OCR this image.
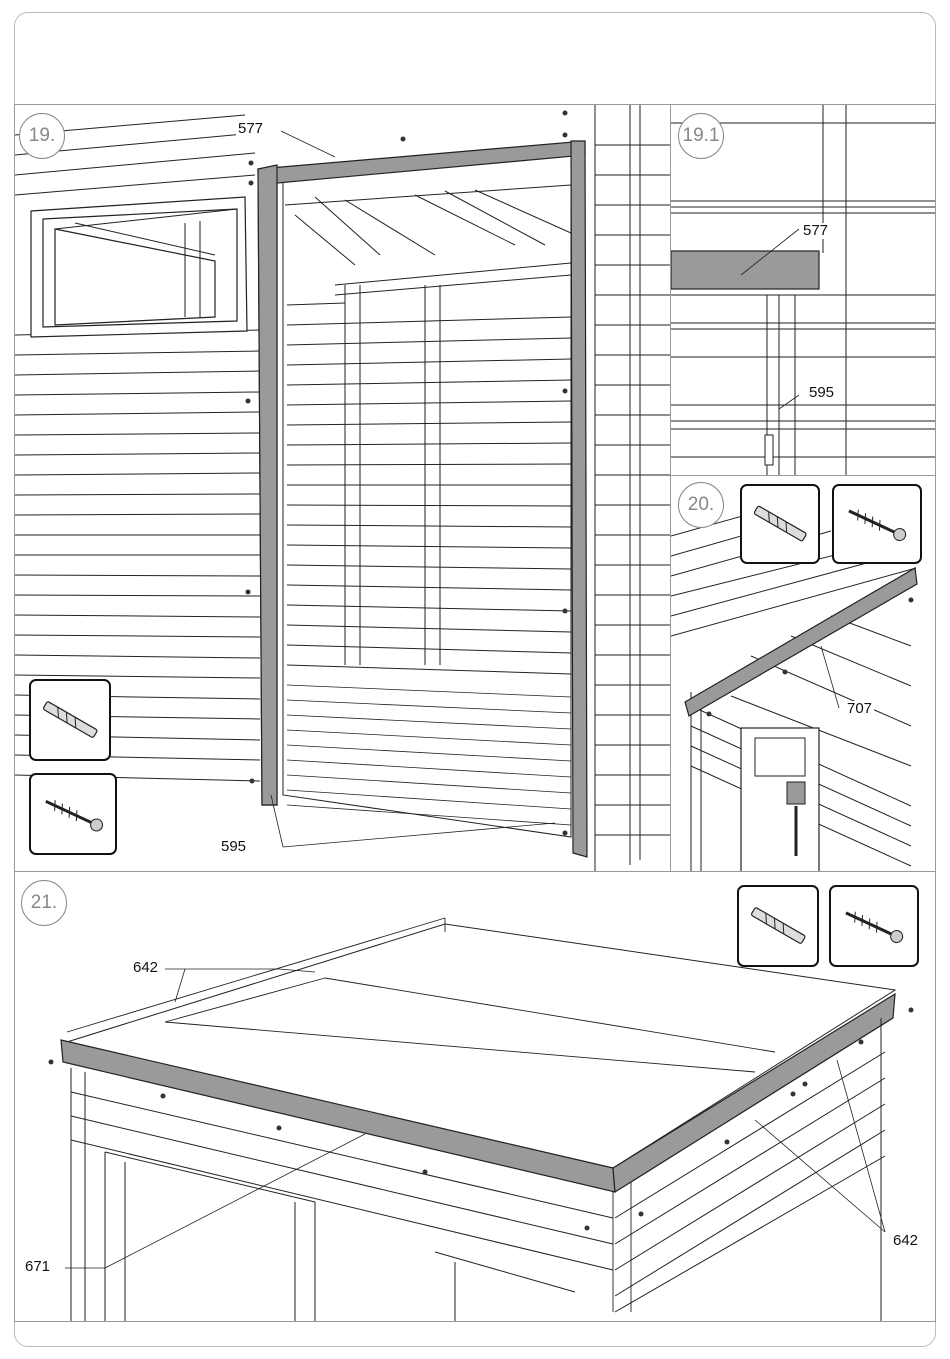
19.	577
595
19.1
577
595
20.
707
21.
642
671
642
